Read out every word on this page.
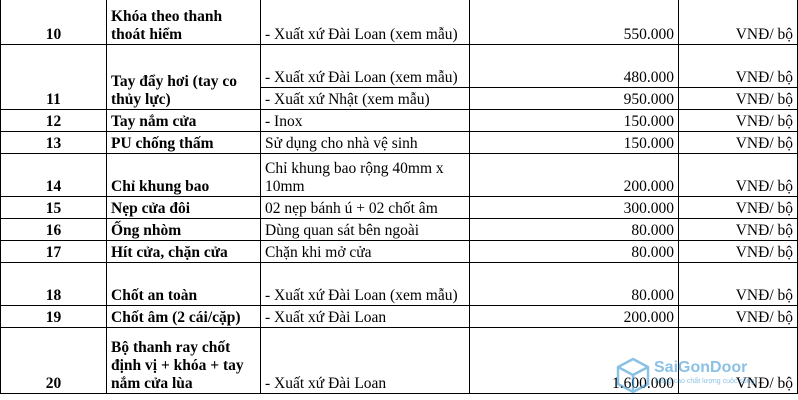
10	Khóa theo thanh thoát hiểm	- Xuất xứ Đài Loan (xem mẫu)	550.000	VNĐ/ bộ
11	Tay đẩy hơi (tay co thủy lực)	- Xuất xứ Đài Loan (xem mẫu)	480.000	VNĐ/ bộ
		- Xuất xứ Nhật (xem mẫu)	950.000	VNĐ/ bộ
12	Tay nắm cửa	- Inox	150.000	VNĐ/ bộ
13	PU chống thấm	Sử dụng cho nhà vệ sinh	150.000	VNĐ/ bộ
14	Chỉ khung bao	Chỉ khung bao rộng 40mm x 10mm	200.000	VNĐ/ bộ
15	Nẹp cửa đôi	02 nẹp bánh ú + 02 chốt âm	300.000	VNĐ/ bộ
16	Ống nhòm	Dùng quan sát bên ngoài	80.000	VNĐ/ bộ
17	Hít cửa, chặn cửa	Chặn khi mở cửa	80.000	VNĐ/ bộ
18	Chốt an toàn	- Xuất xứ Đài Loan (xem mẫu)	80.000	VNĐ/ bộ
19	Chốt âm (2 cái/cặp)	- Xuất xứ Đài Loan	200.000	VNĐ/ bộ
20	Bộ thanh ray chốt định vị + khóa + tay nắm cửa lùa	- Xuất xứ Đài Loan	1.600.000	VNĐ/ bộ
SaiGonDoor
Nâng cao chất lượng cuộc sống
